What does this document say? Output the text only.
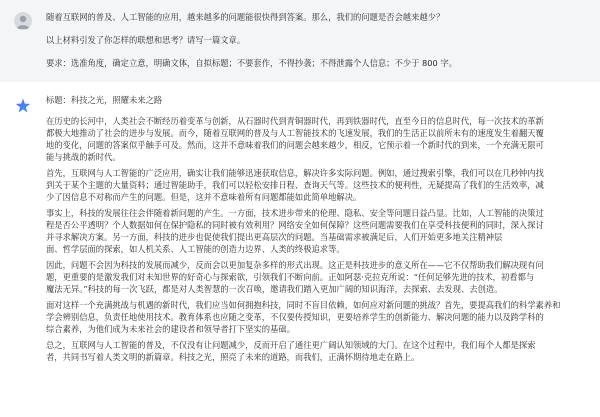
随着互联网的普及、人工智能的应用，越来越多的问题能很快得到答案。那么，我们的问题是否会越来越少？

以上材料引发了你怎样的联想和思考？请写一篇文章。

要求：选准角度，确定立意，明确文体，自拟标题；不要套作，不得抄袭；不得泄露个人信息；不少于 800 字。

标题：科技之光，照耀未来之路

在历史的长河中，人类社会不断经历着变革与创新，从石器时代到青铜器时代，再到铁器时代，直至今日的信息时代，每一次技术的革新

都极大地推动了社会的进步与发展。而今，随着互联网的普及与人工智能技术的飞速发展，我们的生活正以前所未有的速度发生着翻天覆

地的变化，问题的答案似乎触手可及。然而，这并不意味着我们的问题会越来越少，相反，它预示着一个新时代的到来，一个充满无限可

能与挑战的新时代。

首先，互联网与人工智能的广泛应用，确实让我们能够迅速获取信息，解决许多实际问题。例如，通过搜索引擎，我们可以在几秒钟内找

到关于某个主题的大量资料；通过智能助手，我们可以轻松安排日程、查询天气等。这些技术的便利性，无疑提高了我们的生活效率，减

少了因信息不对称而产生的问题。但是，这并不意味着所有问题都能如此简单地解决。

事实上，科技的发展往往会伴随着新问题的产生。一方面，技术进步带来的伦理、隐私、安全等问题日益凸显。比如，人工智能的决策过

程是否公平透明？个人数据如何在保护隐私的同时被有效利用？网络安全如何保障？这些问题需要我们在享受科技便利的同时，深入探讨

并寻求解决方案。另一方面，科技的进步也促使我们提出更高层次的问题。当基础需求被满足后，人们开始更多地关注精神层

面、哲学层面的探索，如人机关系、人工智能的创造力边界、人类的终极追求等。

因此，问题不会因为科技的发展而减少，反而会以更加复杂多样的形式出现。这正是科技进步的意义所在——它不仅帮助我们解决现有问

题，更重要的是激发我们对未知世界的好奇心与探索欲，引领我们不断向前。正如阿瑟·克拉克所说：“任何足够先进的技术，初看都与

魔法无异。”科技的每一次飞跃，都是对人类智慧的一次召唤，邀请我们踏入更加广阔的知识海洋，去探索、去发现、去创造。

面对这样一个充满挑战与机遇的新时代，我们应当如何拥抱科技，同时不盲目依赖，如何应对新问题的挑战？首先，要提高我们的科学素养和

学会辨别信息，负责任地使用技术。教育体系也应随之变革，不仅要传授知识，更要培养学生的创新能力、解决问题的能力以及跨学科的

综合素养，为他们成为未来社会的建设者和领导者打下坚实的基础。

总之，互联网与人工智能的普及，不仅没有让问题减少，反而开启了通往更广阔认知领域的大门。在这个过程中，我们每个人都是探索

者，共同书写着人类文明的新篇章。科技之光，照亮了未来的道路，而我们，正满怀期待地走在路上。
